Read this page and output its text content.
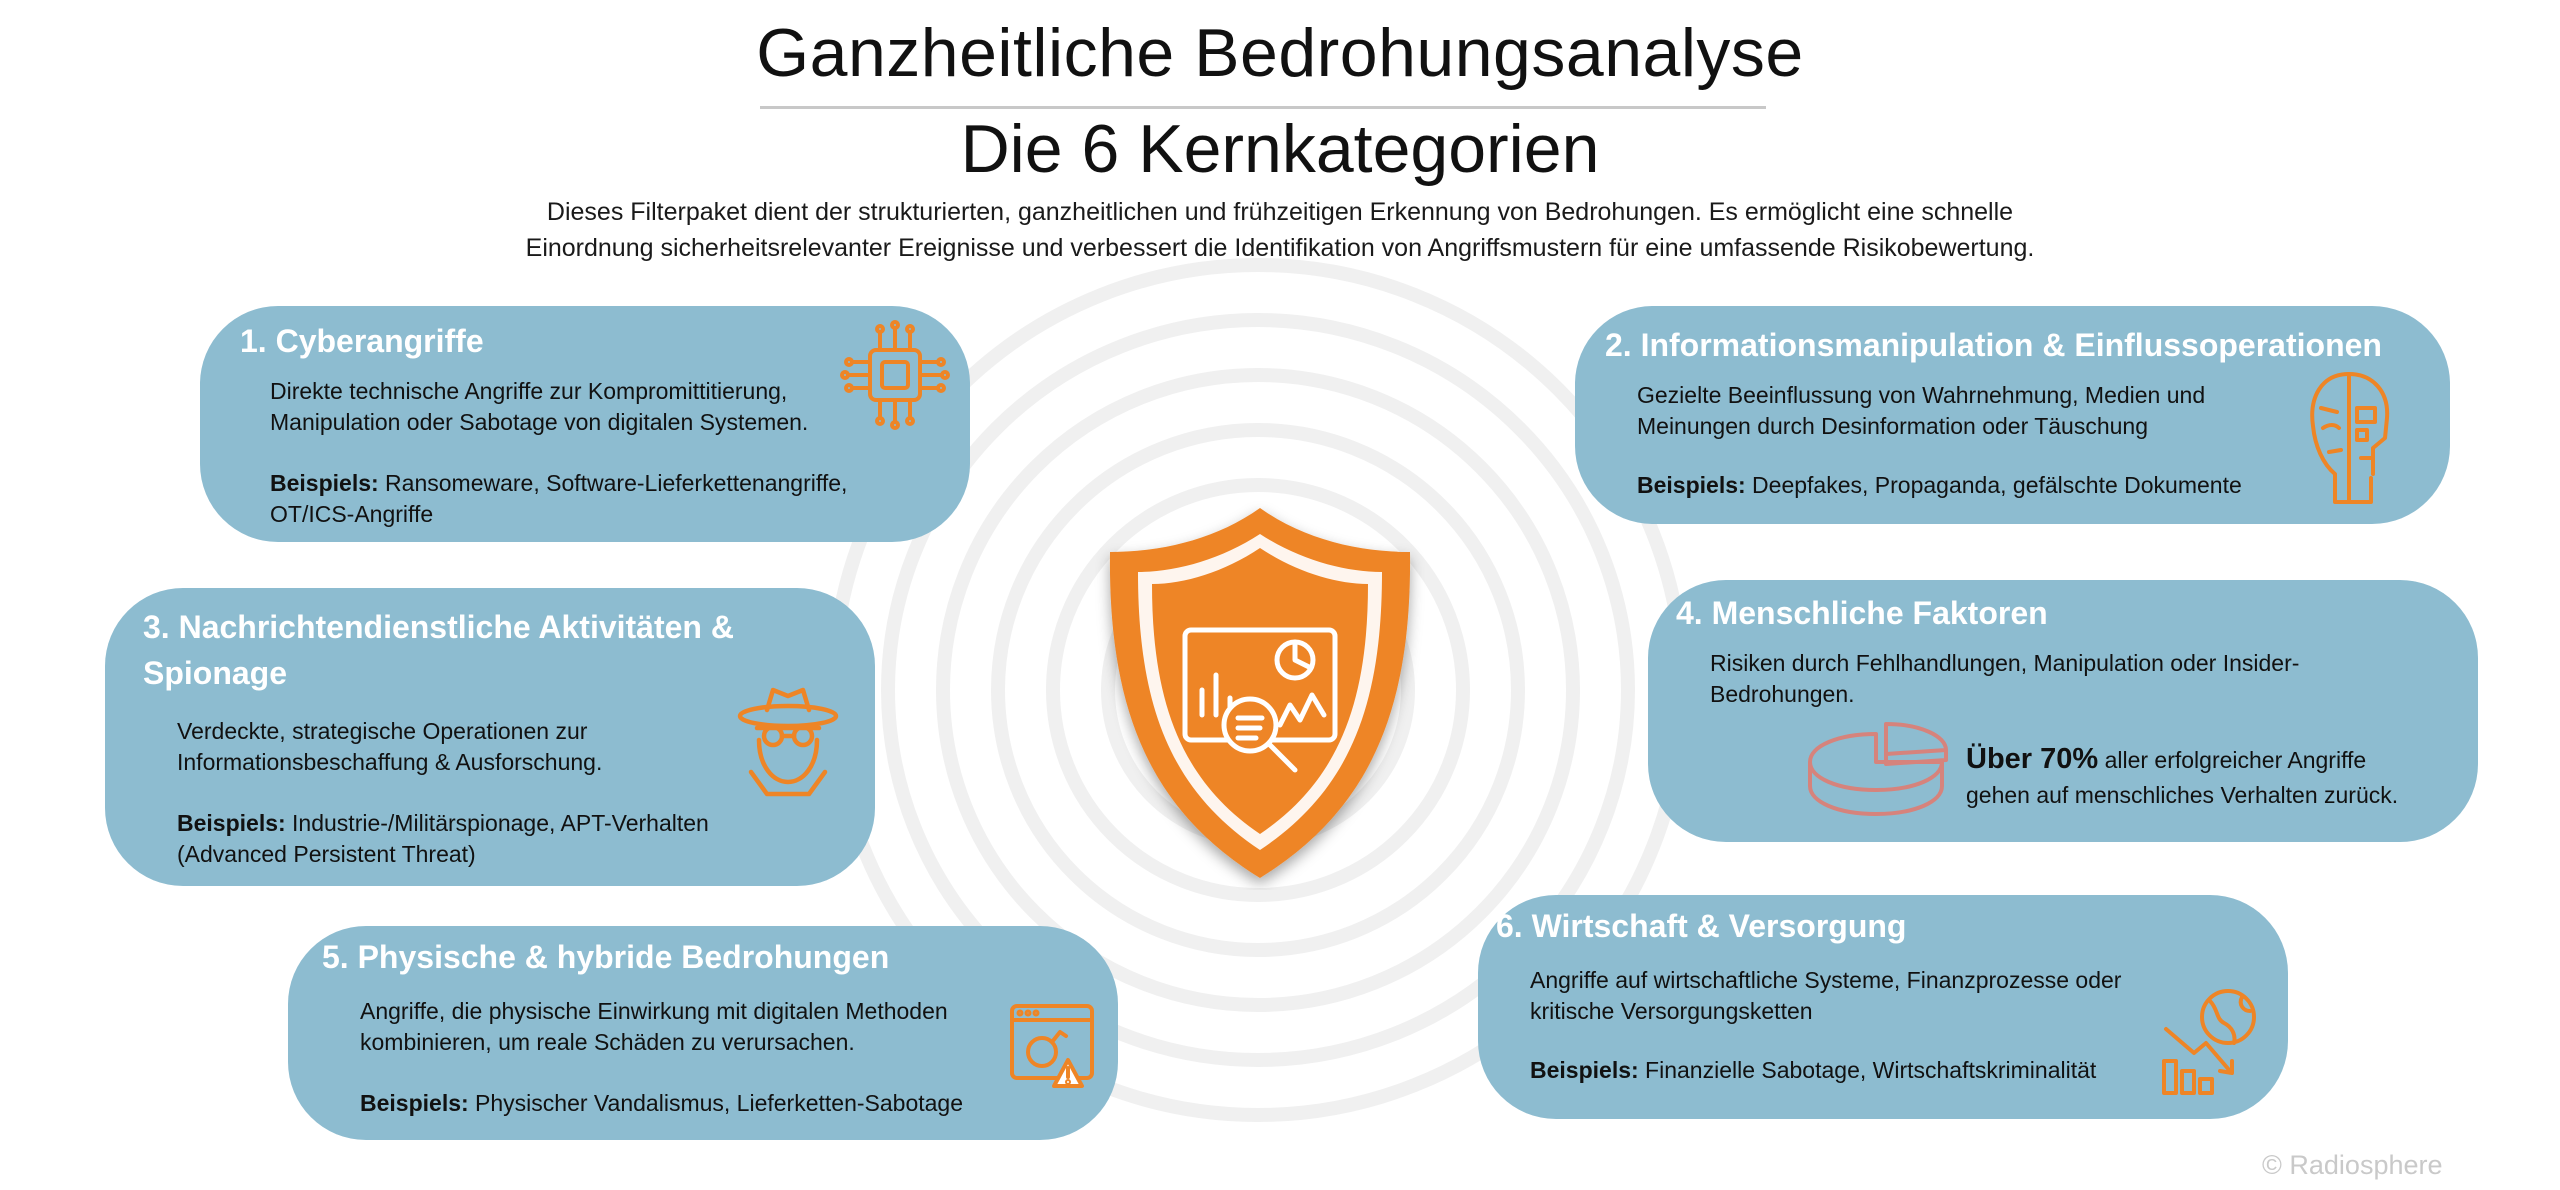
Ganzheitliche Bedrohungsanalyse
Die 6 Kernkategorien
Dieses Filterpaket dient der strukturierten, ganzheitlichen und frühzeitigen Erkennung von Bedrohungen. Es ermöglicht eine schnelle
Einordnung sicherheitsrelevanter Ereignisse und verbessert die Identifikation von Angriffsmustern für eine umfassende Risikobewertung.
1. Cyberangriffe
Direkte technische Angriffe zur Kompromittitierung,
Manipulation oder Sabotage von digitalen Systemen.
Beispiels: Ransomeware, Software-Lieferkettenangriffe,
OT/ICS-Angriffe
2. Informationsmanipulation & Einflussoperationen
Gezielte Beeinflussung von Wahrnehmung, Medien und
Meinungen durch Desinformation oder Täuschung
Beispiels: Deepfakes, Propaganda, gefälschte Dokumente
3. Nachrichtendienstliche Aktivitäten &
Spionage
Verdeckte, strategische Operationen zur
Informationsbeschaffung & Ausforschung.
Beispiels: Industrie-/Militärspionage, APT-Verhalten
(Advanced Persistent Threat)
4. Menschliche Faktoren
Risiken durch Fehlhandlungen, Manipulation oder Insider-
Bedrohungen.
Über 70% aller erfolgreicher Angriffe
gehen auf menschliches Verhalten zurück.
5. Physische & hybride Bedrohungen
Angriffe, die physische Einwirkung mit digitalen Methoden
kombinieren, um reale Schäden zu verursachen.
Beispiels: Physischer Vandalismus, Lieferketten-Sabotage
6. Wirtschaft & Versorgung
Angriffe auf wirtschaftliche Systeme, Finanzprozesse oder
kritische Versorgungsketten
Beispiels: Finanzielle Sabotage, Wirtschaftskriminalität
© Radiosphere
